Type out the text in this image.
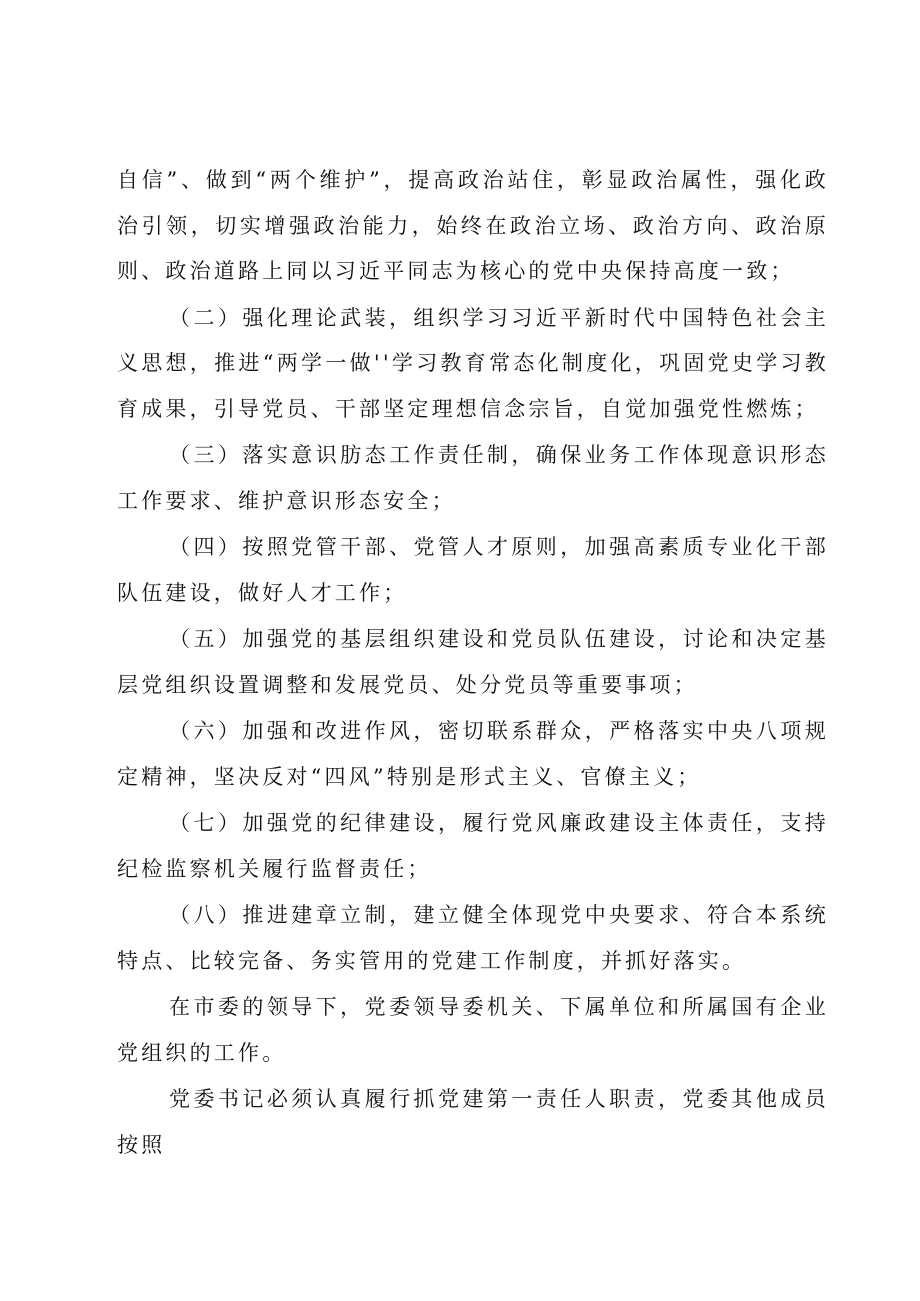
自信”、做到“两个维护”，提高政治站住，彰显政治属性，强化政治引领，切实增强政治能力，始终在政治立场、政治方向、政治原则、政治道路上同以习近平同志为核心的党中央保持高度一致；

（二）强化理论武装，组织学习习近平新时代中国特色社会主义思想，推进“两学一做''学习教育常态化制度化，巩固党史学习教育成果，引导党员、干部坚定理想信念宗旨，自觉加强党性燃炼；

（三）落实意识肪态工作责任制，确保业务工作体现意识形态工作要求、维护意识形态安全；

（四）按照党管干部、党管人才原则，加强高素质专业化干部队伍建设，做好人才工作；

（五）加强党的基层组织建设和党员队伍建设，讨论和决定基层党组织设置调整和发展党员、处分党员等重要事项；

（六）加强和改进作风，密切联系群众，严格落实中央八项规定精神，坚决反对“四风”特别是形式主义、官僚主义；

（七）加强党的纪律建设，履行党风廉政建设主体责任，支持纪检监察机关履行监督责任；

（八）推进建章立制，建立健全体现党中央要求、符合本系统特点、比较完备、务实管用的党建工作制度，并抓好落实。

在市委的领导下，党委领导委机关、下属单位和所属国有企业党组织的工作。

党委书记必须认真履行抓党建第一责任人职责，党委其他成员按照
